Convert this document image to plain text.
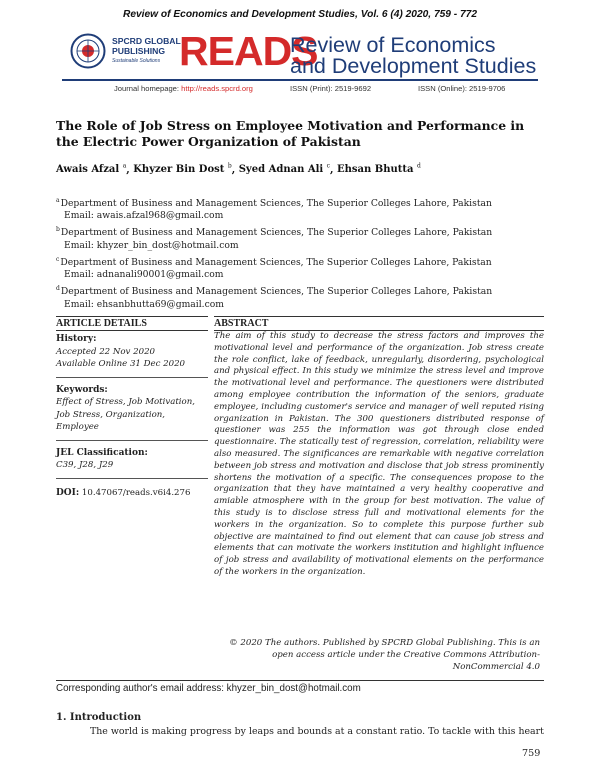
Review of Economics and Development Studies, Vol. 6 (4) 2020, 759 - 772
SPCRD GLOBAL
PUBLISHING
Sustainable Solutions READS
Review of Economics
and Development Studies
Journal homepage: http://reads.spcrd.org	ISSN (Print): 2519-9692	ISSN (Online): 2519-9706
The Role of Job Stress on Employee Motivation and Performance in the Electric Power Organization of Pakistan
Awais Afzal $^a$, Khyzer Bin Dost $^b$, Syed Adnan Ali $^c$, Ehsan Bhutta $^d$
$^a$Department of Business and Management Sciences, The Superior Colleges Lahore, Pakistan
Email: awais.afzal968@gmail.com
$^b$Department of Business and Management Sciences, The Superior Colleges Lahore, Pakistan
Email: khyzer_bin_dost@hotmail.com
$^c$Department of Business and Management Sciences, The Superior Colleges Lahore, Pakistan
Email: adnanali90001@gmail.com
$^d$Department of Business and Management Sciences, The Superior Colleges Lahore, Pakistan
Email: ehsanbhutta69@gmail.com
ARTICLE DETAILS	ABSTRACT
History:
Accepted 22 Nov 2020
Available Online 31 Dec 2020
Keywords:
Effect of Stress, Job Motivation, Job Stress, Organization, Employee
JEL Classification:
C39, J28, J29
DOI: 10.47067/reads.v6i4.276
The aim of this study to decrease the stress factors and improves the motivational level and performance of the organization. Job stress create the role conflict, lake of feedback, unregularly, disordering, psychological and physical effect. In this study we minimize the stress level and improve the motivational level and performance. The questioners were distributed among employee contribution the information of the seniors, graduate employee, including customer's service and manager of well reputed rising organization in Pakistan. The 300 questioners distributed response of questioner was 255 the information was got through close ended questionnaire. The statically test of regression, correlation, reliability were also measured. The significances are remarkable with negative correlation between job stress and motivation and disclose that job stress prominently shortens the motivation of a specific. The consequences propose to the organization that they have maintained a very healthy cooperative and amiable atmosphere with in the group for best motivation. The value of this study is to disclose stress full and motivational elements for the workers in the organization. So to complete this purpose further sub objective are maintained to find out element that can cause job stress and elements that can motivate the workers institution and highlight influence of job stress and availability of motivational elements on the performance of the workers in the organization.
© 2020 The authors. Published by SPCRD Global Publishing. This is an open access article under the Creative Commons Attribution-NonCommercial 4.0
Corresponding author's email address: khyzer_bin_dost@hotmail.com
1. Introduction
The world is making progress by leaps and bounds at a constant ratio. To tackle with this heart
759
